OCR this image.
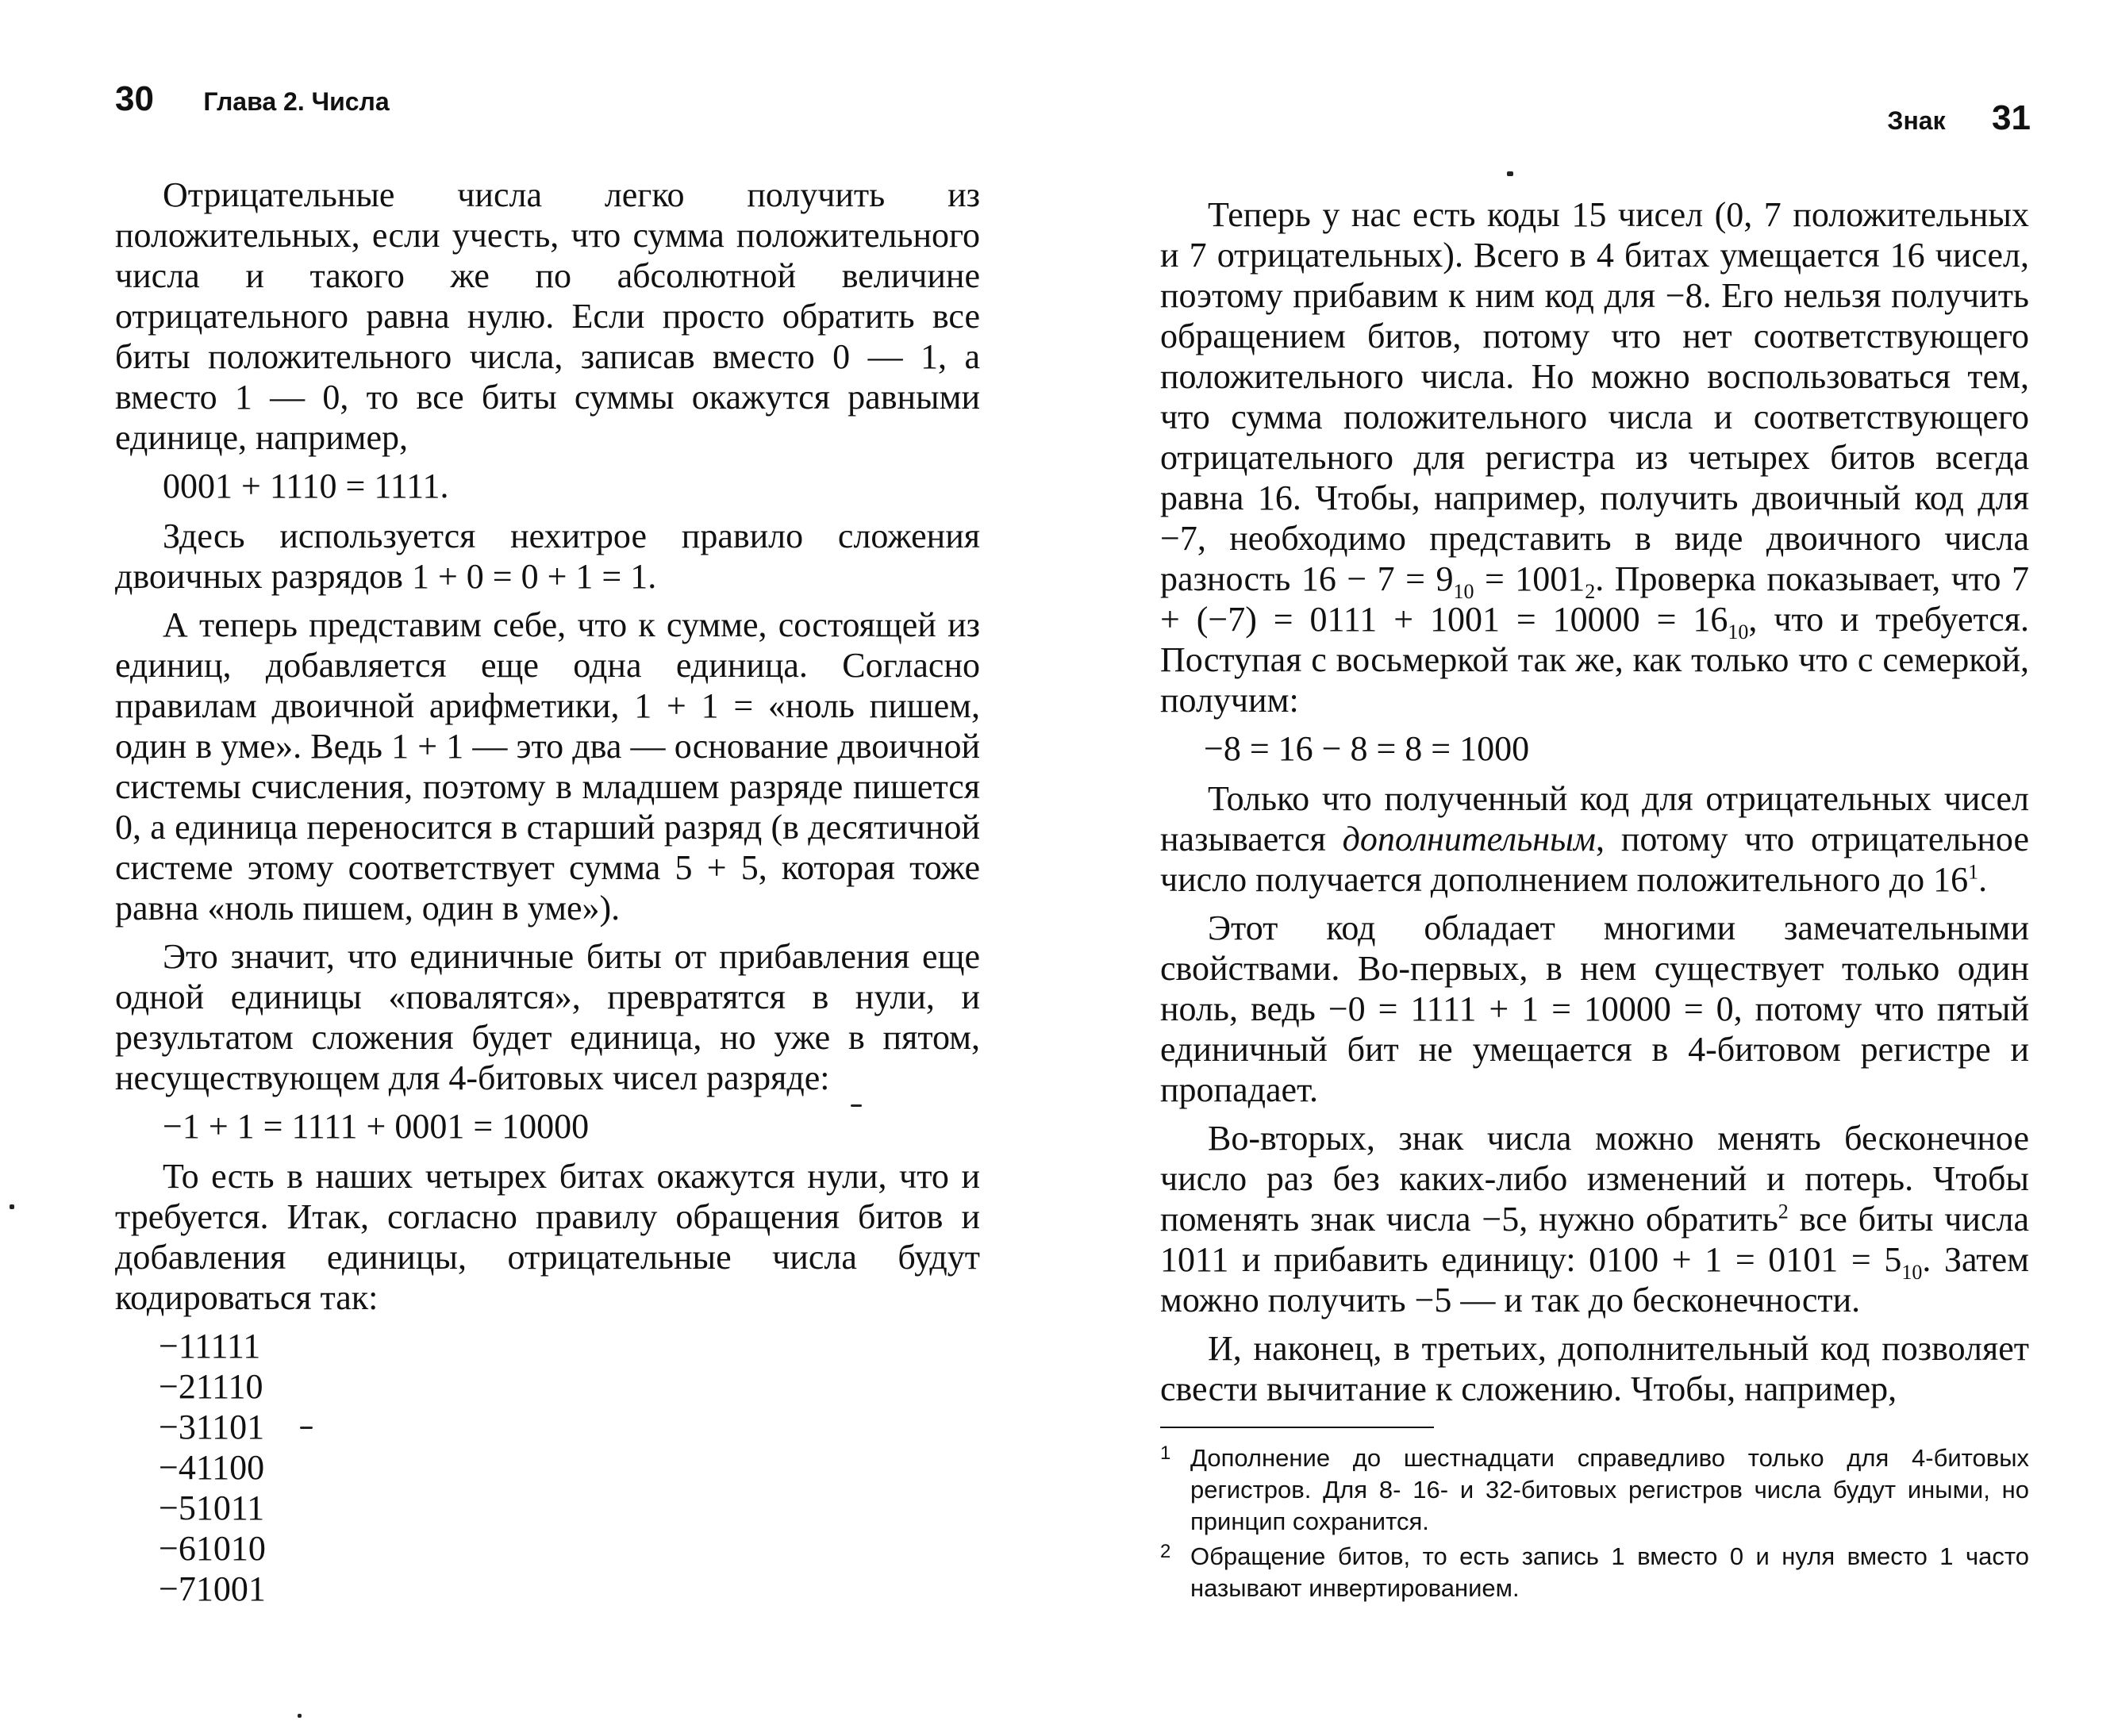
30 Глава 2. Числа

Отрицательные числа легко получить из положительных, если учесть, что сумма положительного числа и такого же по абсолютной величине отрицательного равна нулю. Если просто обратить все биты положительного числа, записав вместо 0 — 1, а вместо 1 — 0, то все биты суммы окажутся равными единице, например,

0001 + 1110 = 1111.

Здесь используется нехитрое правило сложения двоичных разрядов 1 + 0 = 0 + 1 = 1.

А теперь представим себе, что к сумме, состоящей из единиц, добавляется еще одна единица. Согласно правилам двоичной арифметики, 1 + 1 = «ноль пишем, один в уме». Ведь 1 + 1 — это два — основание двоичной системы счисления, поэтому в младшем разряде пишется 0, а единица переносится в старший разряд (в десятичной системе этому соответствует сумма 5 + 5, которая тоже равна «ноль пишем, один в уме»).

Это значит, что единичные биты от прибавления еще одной единицы «повалятся», превратятся в нули, и результатом сложения будет единица, но уже в пятом, несуществующем для 4-битовых чисел разряде:

−1 + 1 = 1111 + 0001 = 10000

То есть в наших четырех битах окажутся нули, что и требуется. Итак, согласно правилу обращения битов и добавления единицы, отрицательные числа будут кодироваться так:

−11111
−21110
−31101
−41100
−51011
−61010
−71001
Знак 31

Теперь у нас есть коды 15 чисел (0, 7 положительных и 7 отрицательных). Всего в 4 битах умещается 16 чисел, поэтому прибавим к ним код для −8. Его нельзя получить обращением битов, потому что нет соответствующего положительного числа. Но можно воспользоваться тем, что сумма положительного числа и соответствующего отрицательного для регистра из четырех битов всегда равна 16. Чтобы, например, получить двоичный код для −7, необходимо представить в виде двоичного числа разность $16 - 7 = 9_{10} = 1001_2$. Проверка показывает, что $7 + (-7) = 0111 + 1001 = 10000 = 16_{10}$, что и требуется. Поступая с восьмеркой так же, как только что с семеркой, получим:

−8 = 16 − 8 = 8 = 1000

Только что полученный код для отрицательных чисел называется дополнительным, потому что отрицательное число получается дополнением положительного до $16^1$.

Этот код обладает многими замечательными свойствами. Во-первых, в нем существует только один ноль, ведь −0 = 1111 + 1 = 10000 = 0, потому что пятый единичный бит не умещается в 4-битовом регистре и пропадает.

Во-вторых, знак числа можно менять бесконечное число раз без каких-либо изменений и потерь. Чтобы поменять знак числа −5, нужно обратить$^2$ все биты числа 1011 и прибавить единицу: $0100 + 1 = 0101 = 5_{10}$. Затем можно получить −5 — и так до бесконечности.

И, наконец, в третьих, дополнительный код позволяет свести вычитание к сложению. Чтобы, например,

1 Дополнение до шестнадцати справедливо только для 4-битовых регистров. Для 8- 16- и 32-битовых регистров числа будут иными, но принцип сохранится.
2 Обращение битов, то есть запись 1 вместо 0 и нуля вместо 1 часто называют инвертированием.
